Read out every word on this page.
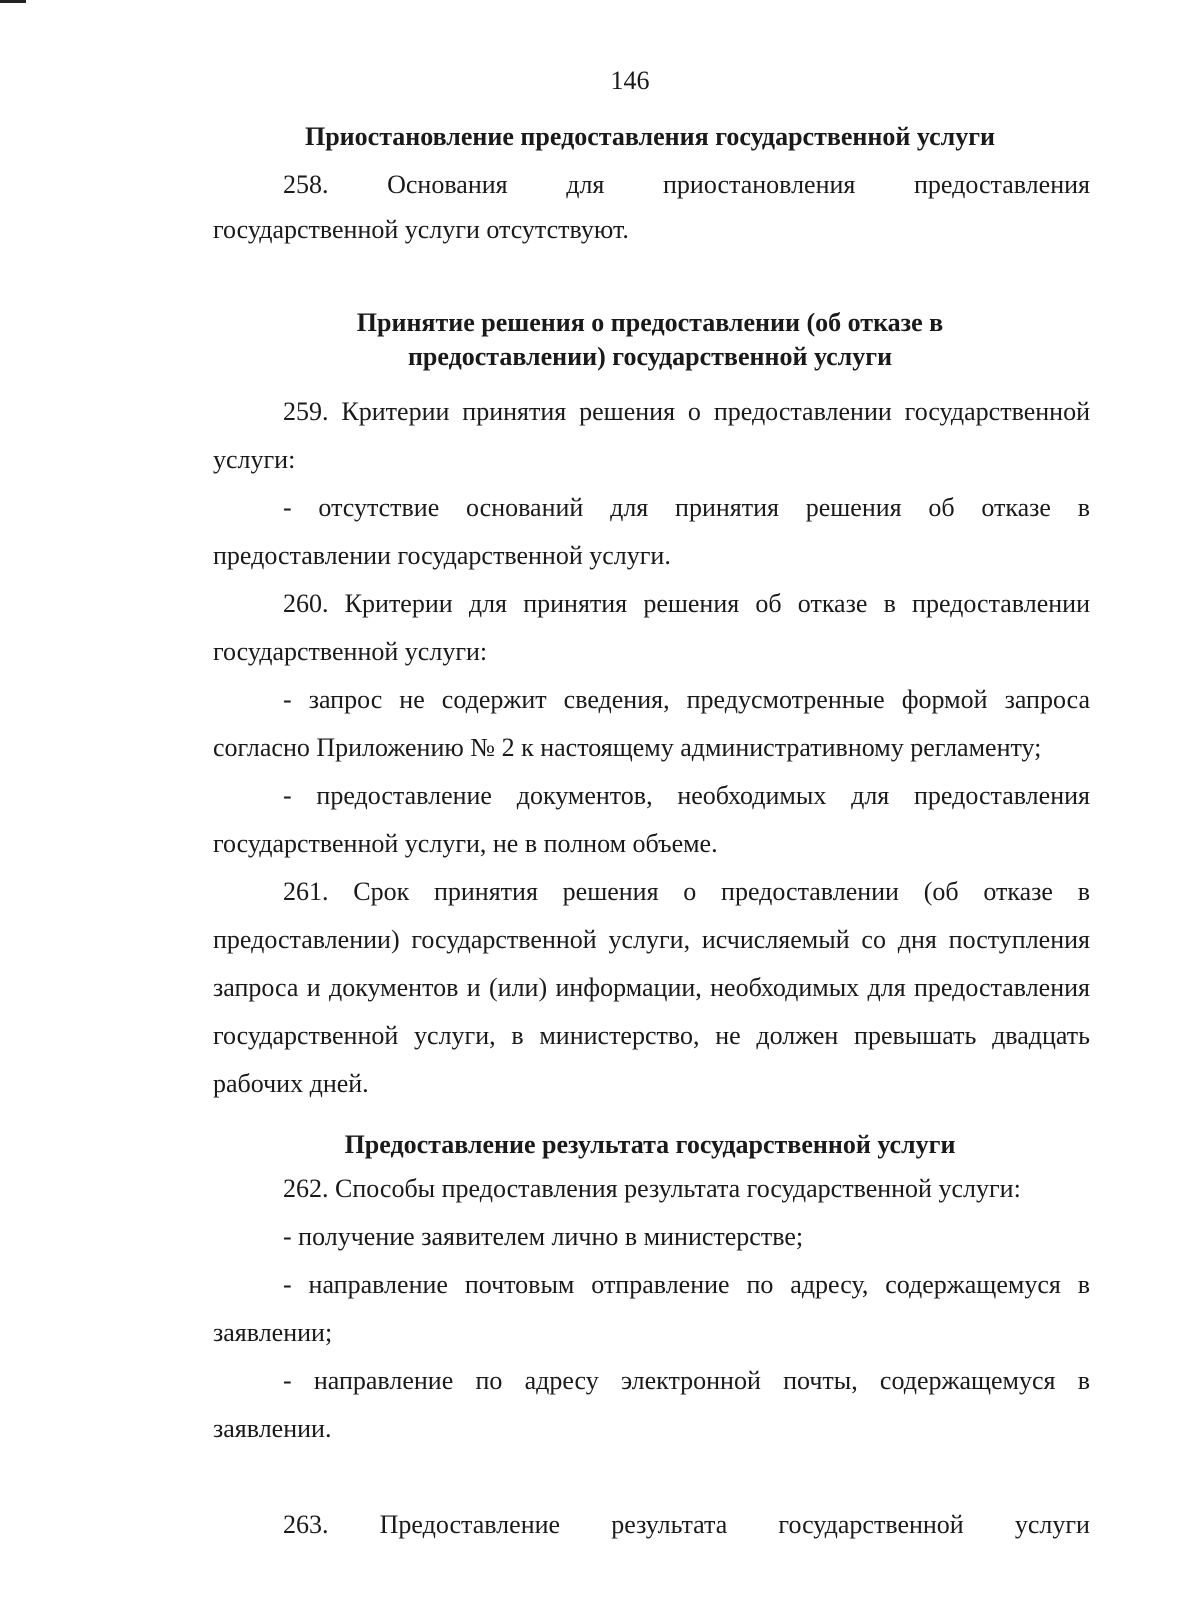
146
Приостановление предоставления государственной услуги
258. Основания для приостановления предоставления
государственной услуги отсутствуют.
Принятие решения о предоставлении (об отказе в
предоставлении) государственной услуги

259. Критерии принятия решения о предоставлении государственной услуги:

- отсутствие оснований для принятия решения об отказе в предоставлении государственной услуги.

260. Критерии для принятия решения об отказе в предоставлении государственной услуги:

- запрос не содержит сведения, предусмотренные формой запроса согласно Приложению № 2 к настоящему административному регламенту;

- предоставление документов, необходимых для предоставления государственной услуги, не в полном объеме.

261. Срок принятия решения о предоставлении (об отказе в предоставлении) государственной услуги, исчисляемый со дня поступления запроса и документов и (или) информации, необходимых для предоставления государственной услуги, в министерство, не должен превышать двадцать рабочих дней.

Предоставление результата государственной услуги

262. Способы предоставления результата государственной услуги:

- получение заявителем лично в министерстве;

- направление почтовым отправление по адресу, содержащемуся в заявлении;

- направление по адресу электронной почты, содержащемуся в заявлении.

263. Предоставление результата государственной услуги
